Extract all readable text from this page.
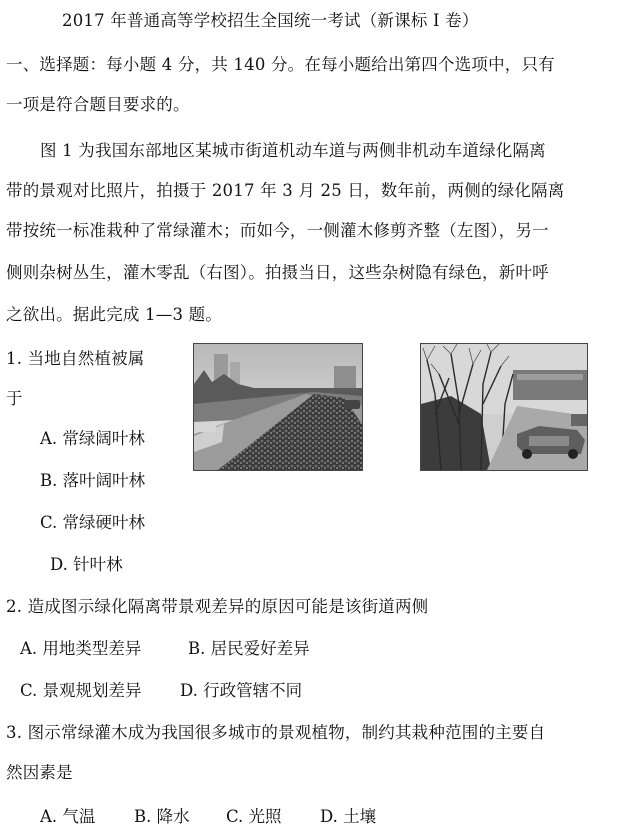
2017 年普通高等学校招生全国统一考试（新课标 I 卷）
一、选择题：每小题 4 分，共 140 分。在每小题给出第四个选项中，只有
一项是符合题目要求的。
图 1 为我国东部地区某城市街道机动车道与两侧非机动车道绿化隔离
带的景观对比照片，拍摄于 2017 年 3 月 25 日，数年前，两侧的绿化隔离
带按统一标准栽种了常绿灌木；而如今，一侧灌木修剪齐整（左图），另一
侧则杂树丛生，灌木零乱（右图）。拍摄当日，这些杂树隐有绿色，新叶呼
之欲出。据此完成 1—3 题。
1. 当地自然植被属
于
A. 常绿阔叶林
B. 落叶阔叶林
C. 常绿硬叶林
D. 针叶林
2. 造成图示绿化隔离带景观差异的原因可能是该街道两侧
A. 用地类型差异	B. 居民爱好差异
C. 景观规划差异 D. 行政管辖不同
3. 图示常绿灌木成为我国很多城市的景观植物，制约其栽种范围的主要自
然因素是
A. 气温 B. 降水 C. 光照 D. 土壤
